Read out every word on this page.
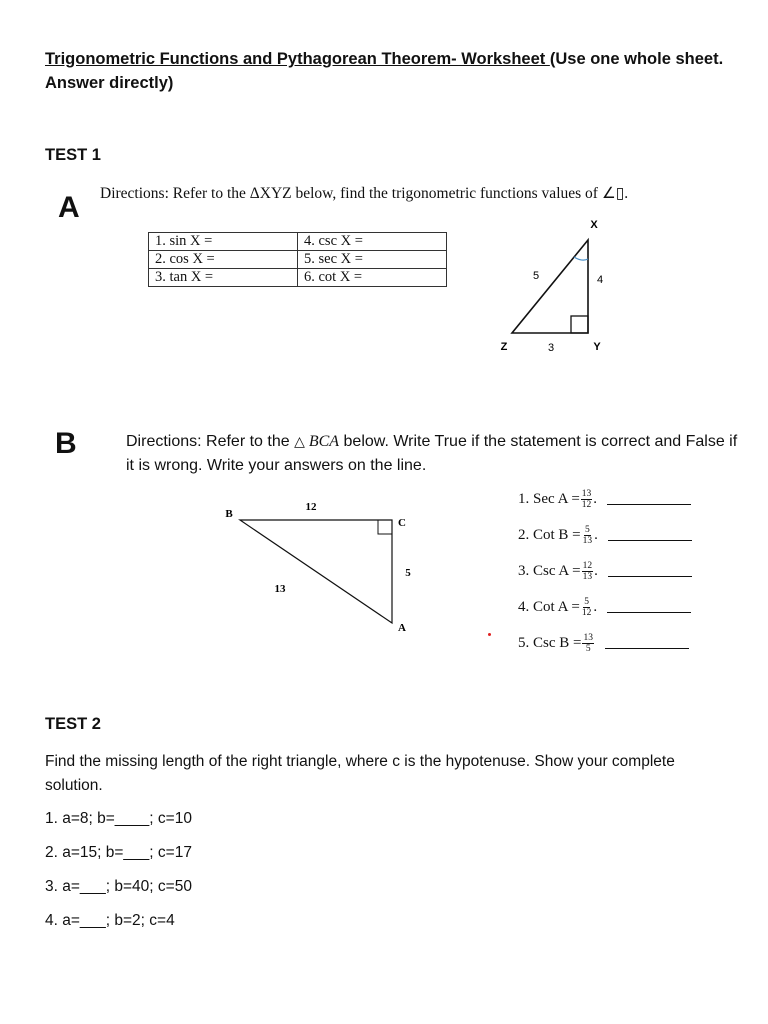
Trigonometric Functions and Pythagorean Theorem- Worksheet (Use one whole sheet. Answer directly)
TEST 1
A Directions: Refer to the ΔXYZ below, find the trigonometric functions values of ∠▯.
1. sin X =	4. csc X =
2. cos X =	5. sec X =
3. tan X =	6. cot X =
X
Y
Z
5	4
3
B	Directions: Refer to the △ BCA below. Write True if the statement is correct and False if it is wrong. Write your answers on the line.
B
C
A
12
5
13
1. Sec $A = \frac{13}{12}$ .
2. Cot $B = \frac{5}{13}$ .
3. Csc $A = \frac{12}{13}$ .
4. Cot $A = \frac{5}{12}$ .
5. Csc $B = \frac{13}{5}$
TEST 2
Find the missing length of the right triangle, where c is the hypotenuse. Show your complete solution.
1. a=8; b=____; c=10
2. a=15; b=___; c=17
3. a=___; b=40; c=50
4. a=___; b=2; c=4
